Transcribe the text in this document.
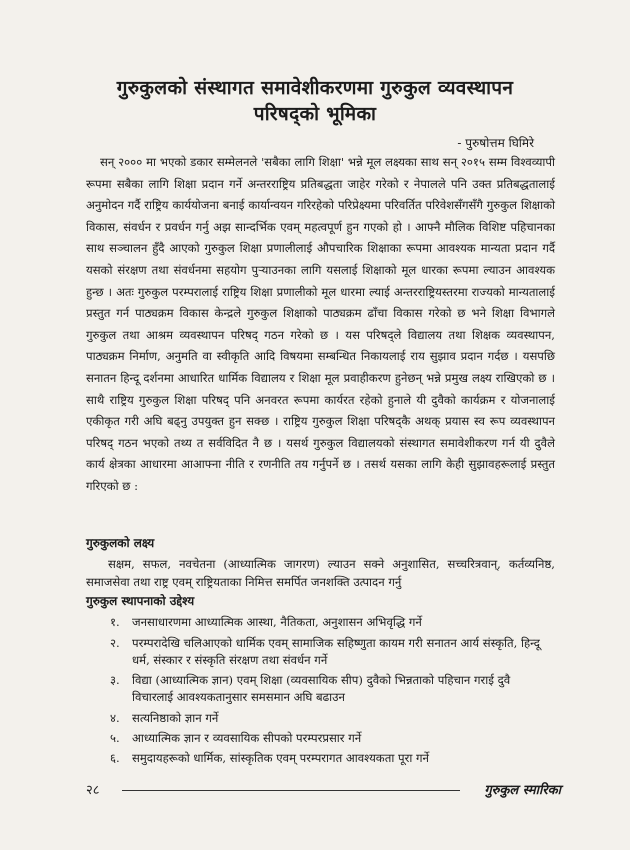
गुरुकुलको संस्थागत समावेशीकरणमा गुरुकुल व्यवस्थापन
परिषद्को भूमिका
- पुरुषोत्तम घिमिरे
सन् २००० मा भएको डकार सम्मेलनले 'सबैका लागि शिक्षा' भन्ने मूल लक्ष्यका साथ सन् २०१५ सम्म विश्वव्यापी रूपमा सबैका लागि शिक्षा प्रदान गर्ने अन्तरराष्ट्रिय प्रतिबद्धता जाहेर गरेको र नेपालले पनि उक्त प्रतिबद्धतालाई अनुमोदन गर्दै राष्ट्रिय कार्ययोजना बनाई कार्यान्वयन गरिरहेको परिप्रेक्ष्यमा परिवर्तित परिवेशसँगसँगै गुरुकुल शिक्षाको विकास, संवर्धन र प्रवर्धन गर्नु अझ सान्दर्भिक एवम् महत्वपूर्ण हुन गएको हो । आफ्नै मौलिक विशिष्ट पहिचानका साथ सञ्चालन हुँदै आएको गुरुकुल शिक्षा प्रणालीलाई औपचारिक शिक्षाका रूपमा आवश्यक मान्यता प्रदान गर्दै यसको संरक्षण तथा संवर्धनमा सहयोग पुऱ्याउनका लागि यसलाई शिक्षाको मूल धारका रूपमा ल्याउन आवश्यक हुन्छ । अतः गुरुकुल परम्परालाई राष्ट्रिय शिक्षा प्रणालीको मूल धारमा ल्याई अन्तरराष्ट्रियस्तरमा राज्यको मान्यतालाई प्रस्तुत गर्न पाठ्यक्रम विकास केन्द्रले गुरुकुल शिक्षाको पाठ्यक्रम ढाँचा विकास गरेको छ भने शिक्षा विभागले गुरुकुल तथा आश्रम व्यवस्थापन परिषद् गठन गरेको छ । यस परिषद्ले विद्यालय तथा शिक्षक व्यवस्थापन, पाठ्यक्रम निर्माण, अनुमति वा स्वीकृति आदि विषयमा सम्बन्धित निकायलाई राय सुझाव प्रदान गर्दछ । यसपछि सनातन हिन्दू दर्शनमा आधारित धार्मिक विद्यालय र शिक्षा मूल प्रवाहीकरण हुनेछन् भन्ने प्रमुख लक्ष्य राखिएको छ । साथै राष्ट्रिय गुरुकुल शिक्षा परिषद् पनि अनवरत रूपमा कार्यरत रहेको हुनाले यी दुवैको कार्यक्रम र योजनालाई एकीकृत गरी अघि बढ्नु उपयुक्त हुन सक्छ । राष्ट्रिय गुरुकुल शिक्षा परिषद्कै अथक् प्रयास स्व रूप व्यवस्थापन परिषद् गठन भएको तथ्य त सर्वविदित नै छ । यसर्थ गुरुकुल विद्यालयको संस्थागत समावेशीकरण गर्न यी दुवैले कार्य क्षेत्रका आधारमा आआफ्ना नीति र रणनीति तय गर्नुपर्ने छ । तसर्थ यसका लागि केही सुझावहरूलाई प्रस्तुत गरिएको छ :
गुरुकुलको लक्ष्य
सक्षम, सफल, नवचेतना (आध्यात्मिक जागरण) ल्याउन सक्ने अनुशासित, सच्चरित्रवान्, कर्तव्यनिष्ठ, समाजसेवा तथा राष्ट्र एवम् राष्ट्रियताका निमित्त समर्पित जनशक्ति उत्पादन गर्नु
गुरुकुल स्थापनाको उद्देश्य
१. जनसाधारणमा आध्यात्मिक आस्था, नैतिकता, अनुशासन अभिवृद्धि गर्ने
२. परम्परादेखि चलिआएको धार्मिक एवम् सामाजिक सहिष्णुता कायम गरी सनातन आर्य संस्कृति, हिन्दू धर्म, संस्कार र संस्कृति संरक्षण तथा संवर्धन गर्ने
३. विद्या (आध्यात्मिक ज्ञान) एवम् शिक्षा (व्यवसायिक सीप) दुवैको भिन्नताको पहिचान गराई दुवै विचारलाई आवश्यकतानुसार समसमान अघि बढाउन
४. सत्यनिष्ठाको ज्ञान गर्ने
५. आध्यात्मिक ज्ञान र व्यवसायिक सीपको परम्परप्रसार गर्ने
६. समुदायहरूको धार्मिक, सांस्कृतिक एवम् परम्परागत आवश्यकता पूरा गर्ने
२८	गुरुकुल स्मारिका
